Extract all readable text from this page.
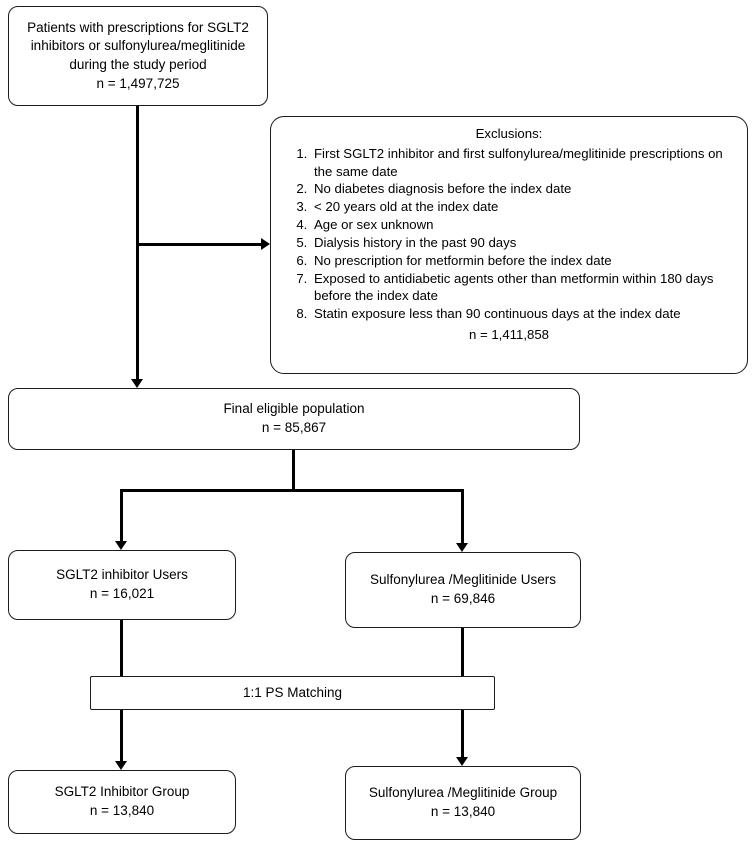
Patients with prescriptions for SGLT2 inhibitors or sulfonylurea/meglitinide during the study period
n = 1,497,725
Exclusions:
1. First SGLT2 inhibitor and first sulfonylurea/meglitinide prescriptions on the same date
2. No diabetes diagnosis before the index date
3. < 20 years old at the index date
4. Age or sex unknown
5. Dialysis history in the past 90 days
6. No prescription for metformin before the index date
7. Exposed to antidiabetic agents other than metformin within 180 days before the index date
8. Statin exposure less than 90 continuous days at the index date
n = 1,411,858
Final eligible population
n = 85,867
SGLT2 inhibitor Users
n = 16,021
Sulfonylurea /Meglitinide Users
n = 69,846
1:1 PS Matching
SGLT2 Inhibitor Group
n = 13,840
Sulfonylurea /Meglitinide Group
n = 13,840
